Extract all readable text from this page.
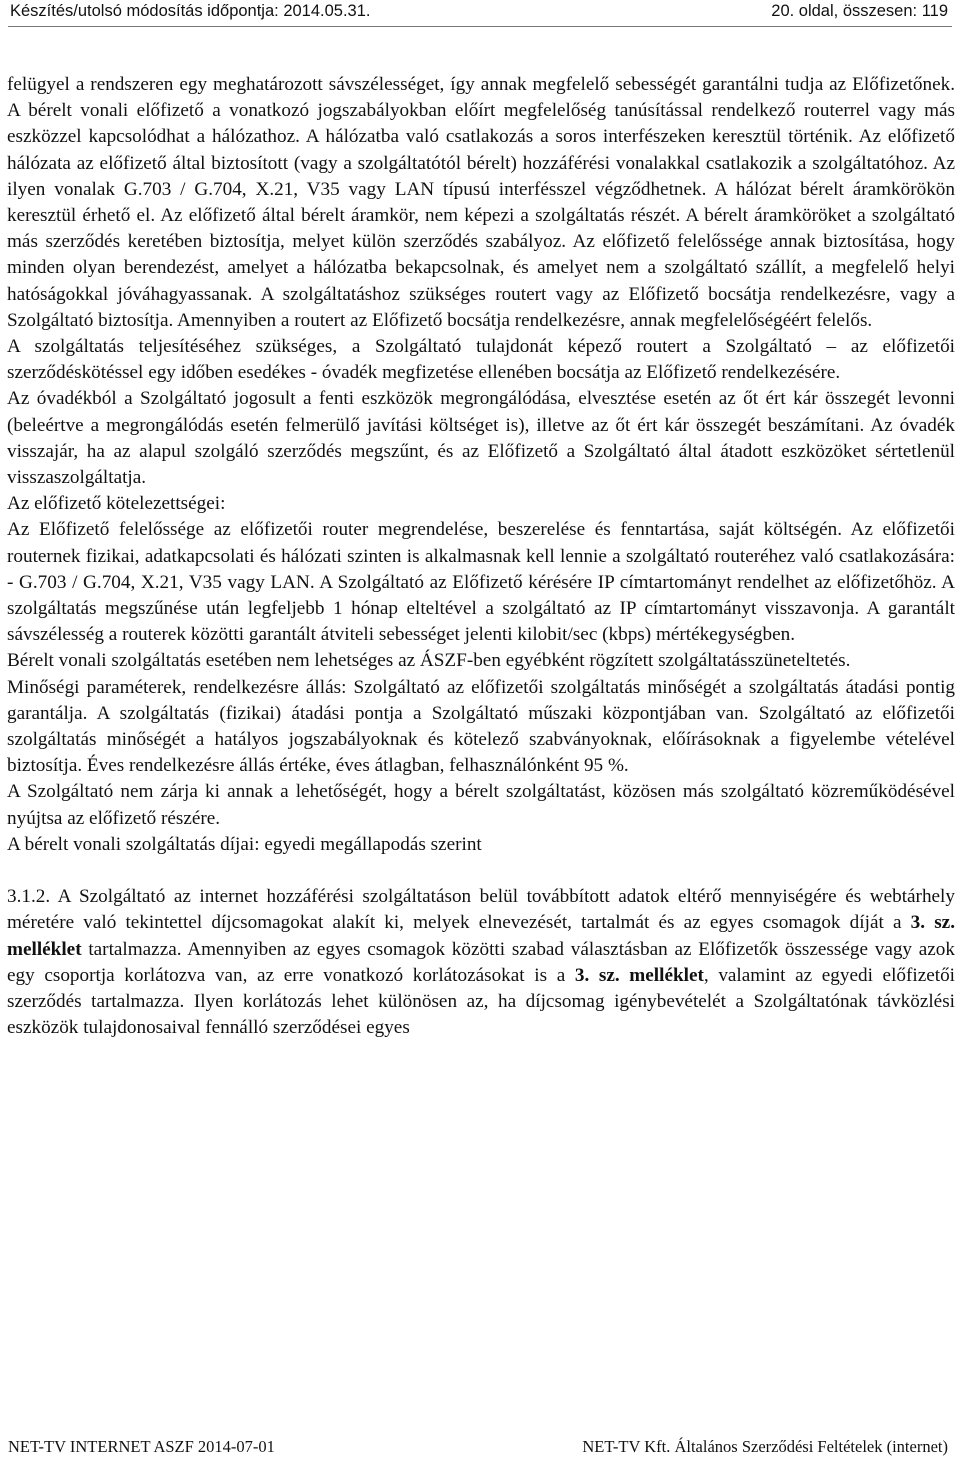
Készítés/utolsó módosítás időpontja: 2014.05.31.	20. oldal, összesen: 119

felügyel a rendszeren egy meghatározott sávszélességet, így annak megfelelő sebességét garantálni tudja az Előfizetőnek. A bérelt vonali előfizető a vonatkozó jogszabályokban előírt megfelelőség tanúsítással rendelkező routerrel vagy más eszközzel kapcsolódhat a hálózathoz. A hálózatba való csatlakozás a soros interfészeken keresztül történik. Az előfizető hálózata az előfizető által biztosított (vagy a szolgáltatótól bérelt) hozzáférési vonalakkal csatlakozik a szolgáltatóhoz. Az ilyen vonalak G.703 / G.704, X.21, V35 vagy LAN típusú interfésszel végződhetnek. A hálózat bérelt áramkörökön keresztül érhető el. Az előfizető által bérelt áramkör, nem képezi a szolgáltatás részét. A bérelt áramköröket a szolgáltató más szerződés keretében biztosítja, melyet külön szerződés szabályoz. Az előfizető felelőssége annak biztosítása, hogy minden olyan berendezést, amelyet a hálózatba bekapcsolnak, és amelyet nem a szolgáltató szállít, a megfelelő helyi hatóságokkal jóváhagyassanak. A szolgáltatáshoz szükséges routert vagy az Előfizető bocsátja rendelkezésre, vagy a Szolgáltató biztosítja. Amennyiben a routert az Előfizető bocsátja rendelkezésre, annak megfelelőségéért felelős.

A szolgáltatás teljesítéséhez szükséges, a Szolgáltató tulajdonát képező routert a Szolgáltató – az előfizetői szerződéskötéssel egy időben esedékes - óvadék megfizetése ellenében bocsátja az Előfizető rendelkezésére.

Az óvadékból a Szolgáltató jogosult a fenti eszközök megrongálódása, elvesztése esetén az őt ért kár összegét levonni (beleértve a megrongálódás esetén felmerülő javítási költséget is), illetve az őt ért kár összegét beszámítani. Az óvadék visszajár, ha az alapul szolgáló szerződés megszűnt, és az Előfizető a Szolgáltató által átadott eszközöket sértetlenül visszaszolgáltatja.

Az előfizető kötelezettségei:

Az Előfizető felelőssége az előfizetői router megrendelése, beszerelése és fenntartása, saját költségén. Az előfizetői routernek fizikai, adatkapcsolati és hálózati szinten is alkalmasnak kell lennie a szolgáltató routeréhez való csatlakozására: - G.703 / G.704, X.21, V35 vagy LAN. A Szolgáltató az Előfizető kérésére IP címtartományt rendelhet az előfizetőhöz. A szolgáltatás megszűnése után legfeljebb 1 hónap elteltével a szolgáltató az IP címtartományt visszavonja. A garantált sávszélesség a routerek közötti garantált átviteli sebességet jelenti kilobit/sec (kbps) mértékegységben.

Bérelt vonali szolgáltatás esetében nem lehetséges az ÁSZF-ben egyébként rögzített szolgáltatásszüneteltetés.

Minőségi paraméterek, rendelkezésre állás: Szolgáltató az előfizetői szolgáltatás minőségét a szolgáltatás átadási pontig garantálja. A szolgáltatás (fizikai) átadási pontja a Szolgáltató műszaki központjában van. Szolgáltató az előfizetői szolgáltatás minőségét a hatályos jogszabályoknak és kötelező szabványoknak, előírásoknak a figyelembe vételével biztosítja. Éves rendelkezésre állás értéke, éves átlagban, felhasználónként 95 %.

A Szolgáltató nem zárja ki annak a lehetőségét, hogy a bérelt szolgáltatást, közösen más szolgáltató közreműködésével nyújtsa az előfizető részére.

A bérelt vonali szolgáltatás díjai: egyedi megállapodás szerint

3.1.2. A Szolgáltató az internet hozzáférési szolgáltatáson belül továbbított adatok eltérő mennyiségére és webtárhely méretére való tekintettel díjcsomagokat alakít ki, melyek elnevezését, tartalmát és az egyes csomagok díját a 3. sz. melléklet tartalmazza. Amennyiben az egyes csomagok közötti szabad választásban az Előfizetők összessége vagy azok egy csoportja korlátozva van, az erre vonatkozó korlátozásokat is a 3. sz. melléklet, valamint az egyedi előfizetői szerződés tartalmazza. Ilyen korlátozás lehet különösen az, ha díjcsomag igénybevételét a Szolgáltatónak távközlési eszközök tulajdonosaival fennálló szerződései egyes

NET-TV INTERNET ASZF 2014-07-01	NET-TV Kft. Általános Szerződési Feltételek (internet)
